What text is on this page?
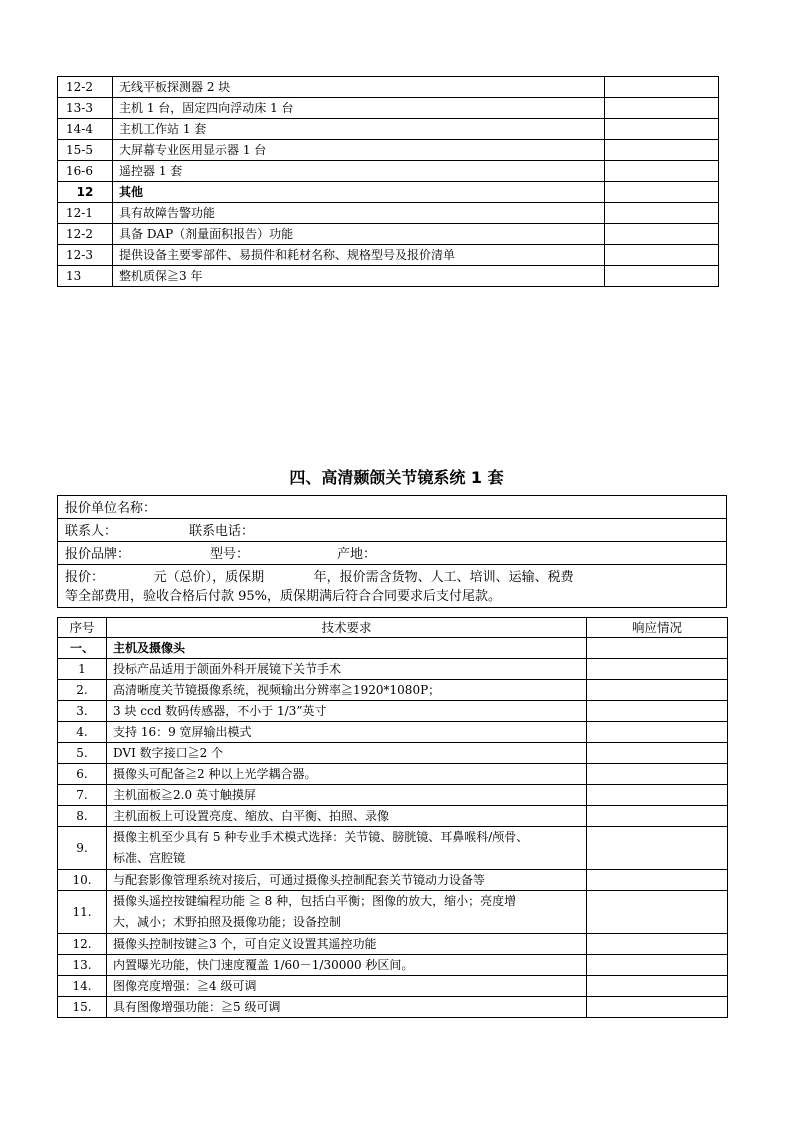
12-2	无线平板探测器 2 块	
13-3	主机 1 台，固定四向浮动床 1 台	
14-4	主机工作站 1 套	
15-5	大屏幕专业医用显示器 1 台	
16-6	遥控器 1 套	
12	其他	
12-1	具有故障告警功能	
12-2	具备 DAP（剂量面积报告）功能	
12-3	提供设备主要零部件、易损件和耗材名称、规格型号及报价清单	
13	整机质保≧3 年	
四、高清颞颌关节镜系统 1 套
报价单位名称：
联系人：	联系电话：
报价品牌：	型号：	产地：

报价：            元（总价），质保期            年，报价需含货物、人工、培训、运输、税费
等全部费用，验收合格后付款 95%，质保期满后符合合同要求后支付尾款。
序号	技术要求	响应情况
一、	主机及摄像头	
1	投标产品适用于颌面外科开展镜下关节手术	

2.	高清晰度关节镜摄像系统，视频输出分辨率≧1920*1080P；	

3.	3 块 ccd 数码传感器，不小于 1/3”英寸	

4.	支持 16：9 宽屏输出模式	

5.	DVI 数字接口≧2 个	

6.	摄像头可配备≧2 种以上光学耦合器。	

7.	主机面板≧2.0 英寸触摸屏	

8.	主机面板上可设置亮度、缩放、白平衡、拍照、录像	

9.	摄像主机至少具有 5 种专业手术模式选择：关节镜、膀胱镜、耳鼻喉科/颅骨、
标准、宫腔镜	

10.	与配套影像管理系统对接后，可通过摄像头控制配套关节镜动力设备等	

11.	摄像头遥控按键编程功能 ≧ 8 种，包括白平衡；图像的放大，缩小；亮度增
大，减小；术野拍照及摄像功能；设备控制	

12.	摄像头控制按键≧3 个，可自定义设置其遥控功能	

13.	内置曝光功能，快门速度覆盖 1/60－1/30000 秒区间。	

14.	图像亮度增强：≧4 级可调	

15.	具有图像增强功能：≧5 级可调	
